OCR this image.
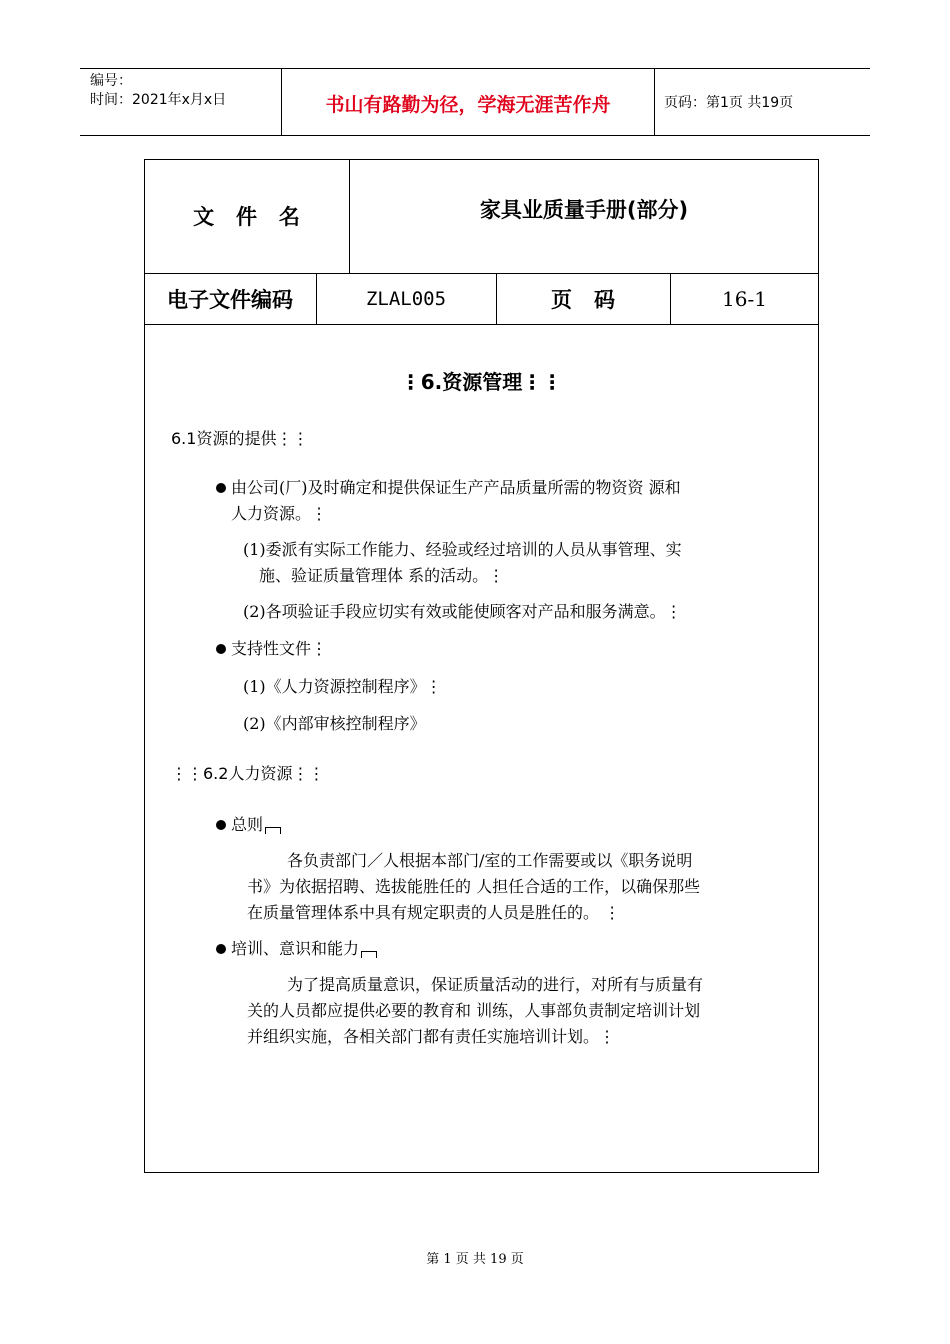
编号：
时间：2021年x月x日	书山有路勤为径，学海无涯苦作舟	页码：第1页 共19页
文   件   名	家具业质量手册(部分)
电子文件编码	ZLAL005	页   码	16-1
⋮6.资源管理⋮⋮
6.1资源的提供⋮⋮
由公司(厂)及时确定和提供保证生产产品质量所需的物资资 源和
人力资源。⋮
(1)委派有实际工作能力、经验或经过培训的人员从事管理、实
施、验证质量管理体 系的活动。⋮
(2)各项验证手段应切实有效或能使顾客对产品和服务满意。⋮
支持性文件⋮
(1)《人力资源控制程序》⋮
(2)《内部审核控制程序》
⋮⋮6.2人力资源⋮⋮
总则
各负责部门／人根据本部门/室的工作需要或以《职务说明
书》为依据招聘、选拔能胜任的 人担任合适的工作，以确保那些
在质量管理体系中具有规定职责的人员是胜任的。 ⋮
培训、意识和能力
为了提高质量意识，保证质量活动的进行，对所有与质量有
关的人员都应提供必要的教育和 训练，人事部负责制定培训计划
并组织实施，各相关部门都有责任实施培训计划。⋮
第 1 页 共 19 页
